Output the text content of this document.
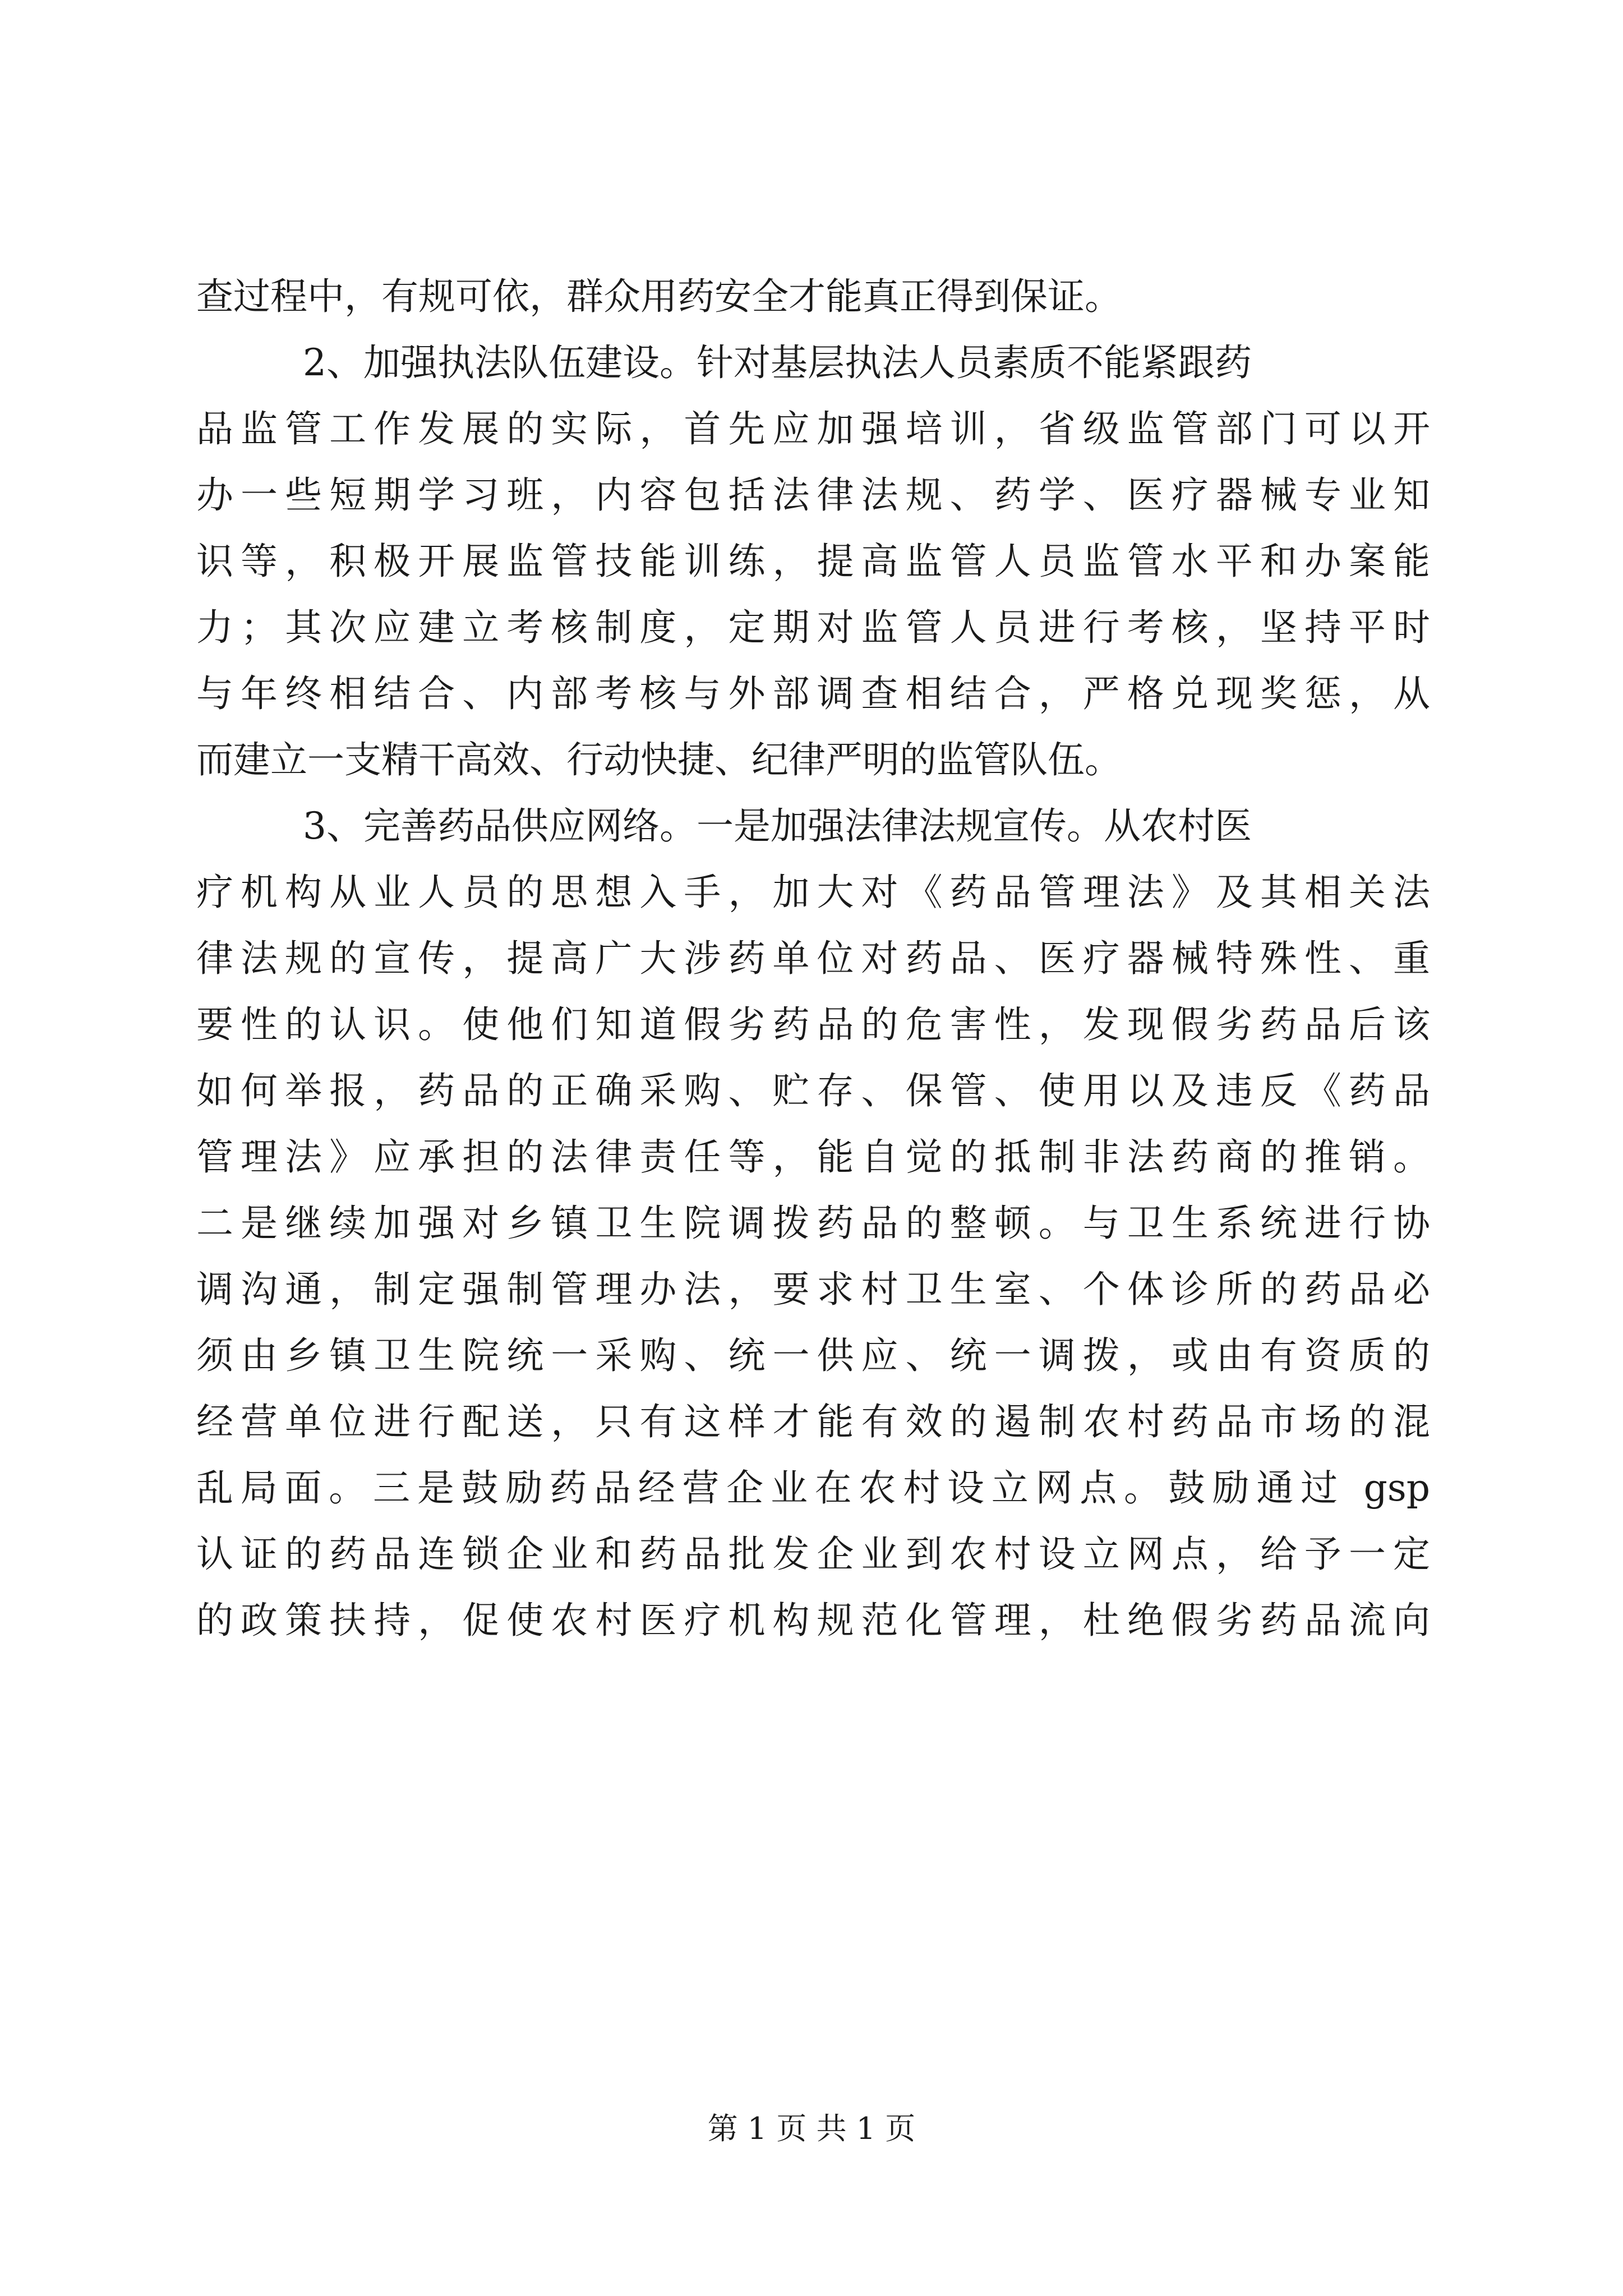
查过程中，有规可依，群众用药安全才能真正得到保证。
2、加强执法队伍建设。针对基层执法人员素质不能紧跟药
品监管工作发展的实际，首先应加强培训，省级监管部门可以开
办一些短期学习班，内容包括法律法规、药学、医疗器械专业知
识等，积极开展监管技能训练，提高监管人员监管水平和办案能
力；其次应建立考核制度，定期对监管人员进行考核，坚持平时
与年终相结合、内部考核与外部调查相结合，严格兑现奖惩，从
而建立一支精干高效、行动快捷、纪律严明的监管队伍。
3、完善药品供应网络。一是加强法律法规宣传。从农村医
疗机构从业人员的思想入手，加大对《药品管理法》及其相关法
律法规的宣传，提高广大涉药单位对药品、医疗器械特殊性、重
要性的认识。使他们知道假劣药品的危害性，发现假劣药品后该
如何举报，药品的正确采购、贮存、保管、使用以及违反《药品
管理法》应承担的法律责任等，能自觉的抵制非法药商的推销。
二是继续加强对乡镇卫生院调拨药品的整顿。与卫生系统进行协
调沟通，制定强制管理办法，要求村卫生室、个体诊所的药品必
须由乡镇卫生院统一采购、统一供应、统一调拨，或由有资质的
经营单位进行配送，只有这样才能有效的遏制农村药品市场的混
乱局面。三是鼓励药品经营企业在农村设立网点。鼓励通过 gsp
认证的药品连锁企业和药品批发企业到农村设立网点，给予一定
的政策扶持，促使农村医疗机构规范化管理，杜绝假劣药品流向
第 1 页 共 1 页
